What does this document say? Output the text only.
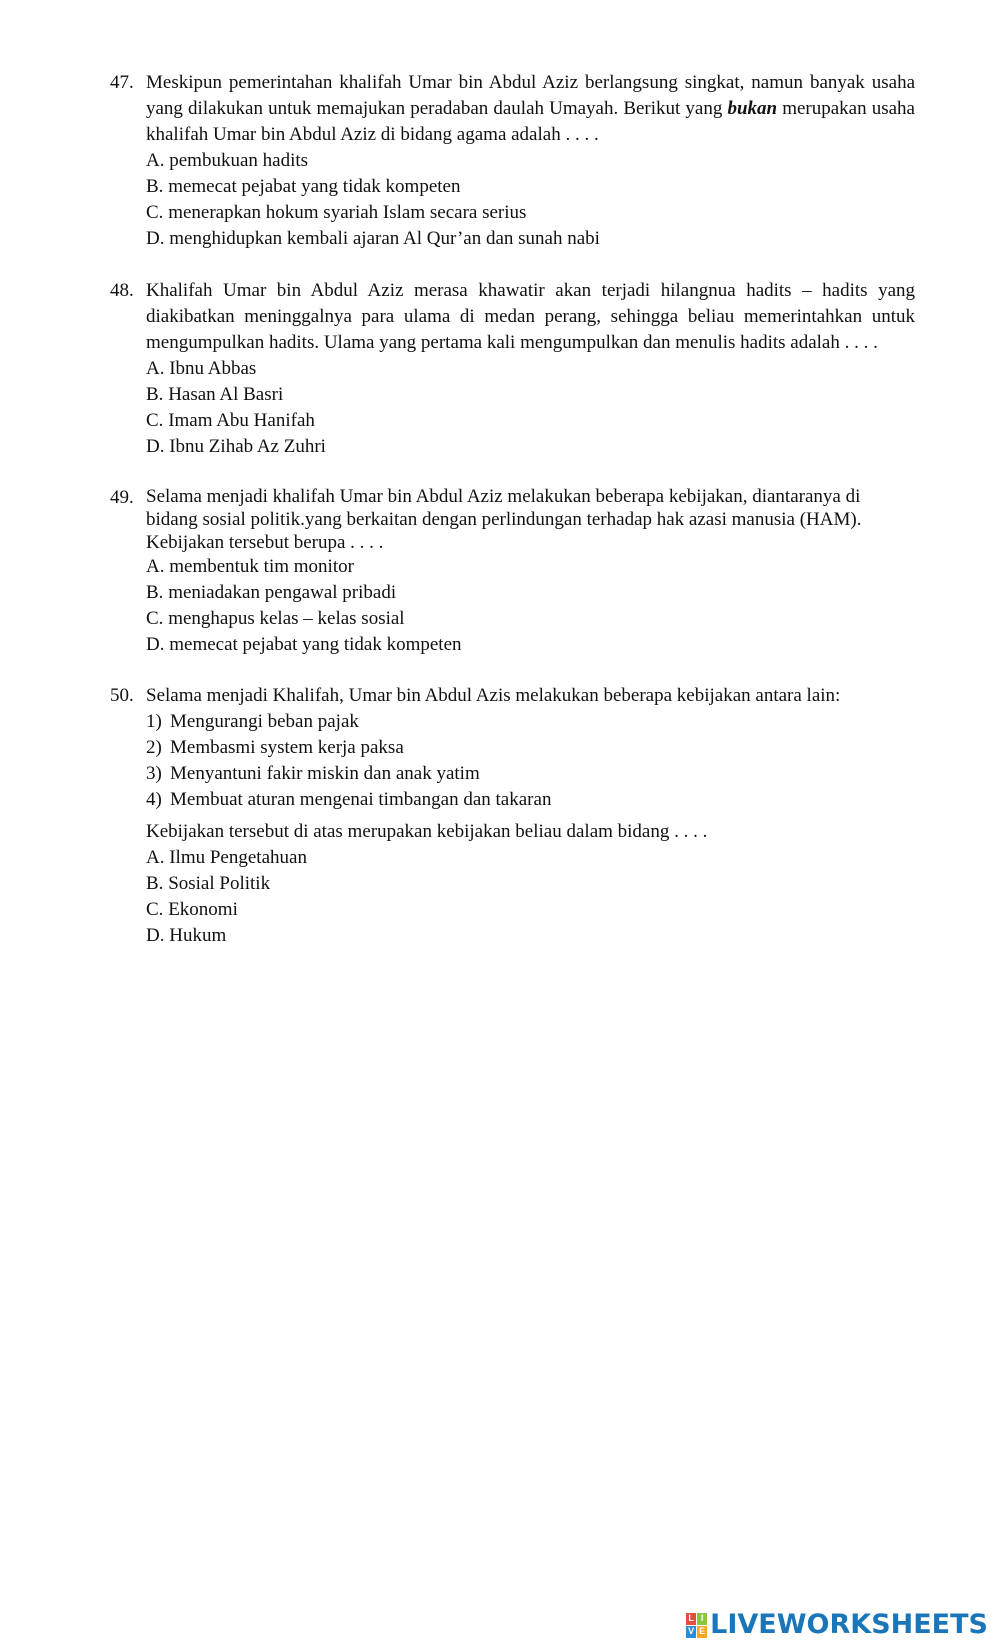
47. Meskipun pemerintahan khalifah Umar bin Abdul Aziz berlangsung singkat, namun banyak usaha yang dilakukan untuk memajukan peradaban daulah Umayah. Berikut yang bukan merupakan usaha khalifah Umar bin Abdul Aziz di bidang agama adalah . . . .
A. pembukuan hadits
B. memecat pejabat yang tidak kompeten
C. menerapkan hokum syariah Islam secara serius
D. menghidupkan kembali ajaran Al Qur’an dan sunah nabi
48. Khalifah Umar bin Abdul Aziz merasa khawatir akan terjadi hilangnua hadits – hadits yang diakibatkan meninggalnya para ulama di medan perang, sehingga beliau memerintahkan untuk mengumpulkan hadits. Ulama yang pertama kali mengumpulkan dan menulis hadits adalah . . . .
A. Ibnu Abbas
B. Hasan Al Basri
C. Imam Abu Hanifah
D. Ibnu Zihab Az Zuhri
49. Selama menjadi khalifah Umar bin Abdul Aziz melakukan beberapa kebijakan, diantaranya di
bidang sosial politik.yang berkaitan dengan perlindungan terhadap hak azasi manusia (HAM).
Kebijakan tersebut berupa . . . .
A. membentuk tim monitor
B. meniadakan pengawal pribadi
C. menghapus kelas – kelas sosial
D. memecat pejabat yang tidak kompeten
50. Selama menjadi Khalifah, Umar bin Abdul Azis melakukan beberapa kebijakan antara lain:
1) Mengurangi beban pajak
2) Membasmi system kerja paksa
3) Menyantuni fakir miskin dan anak yatim
4) Membuat aturan mengenai timbangan dan takaran
Kebijakan tersebut di atas merupakan kebijakan beliau dalam bidang . . . .
A. Ilmu Pengetahuan
B. Sosial Politik
C. Ekonomi
D. Hukum
L I
V E LIVEWORKSHEETS
